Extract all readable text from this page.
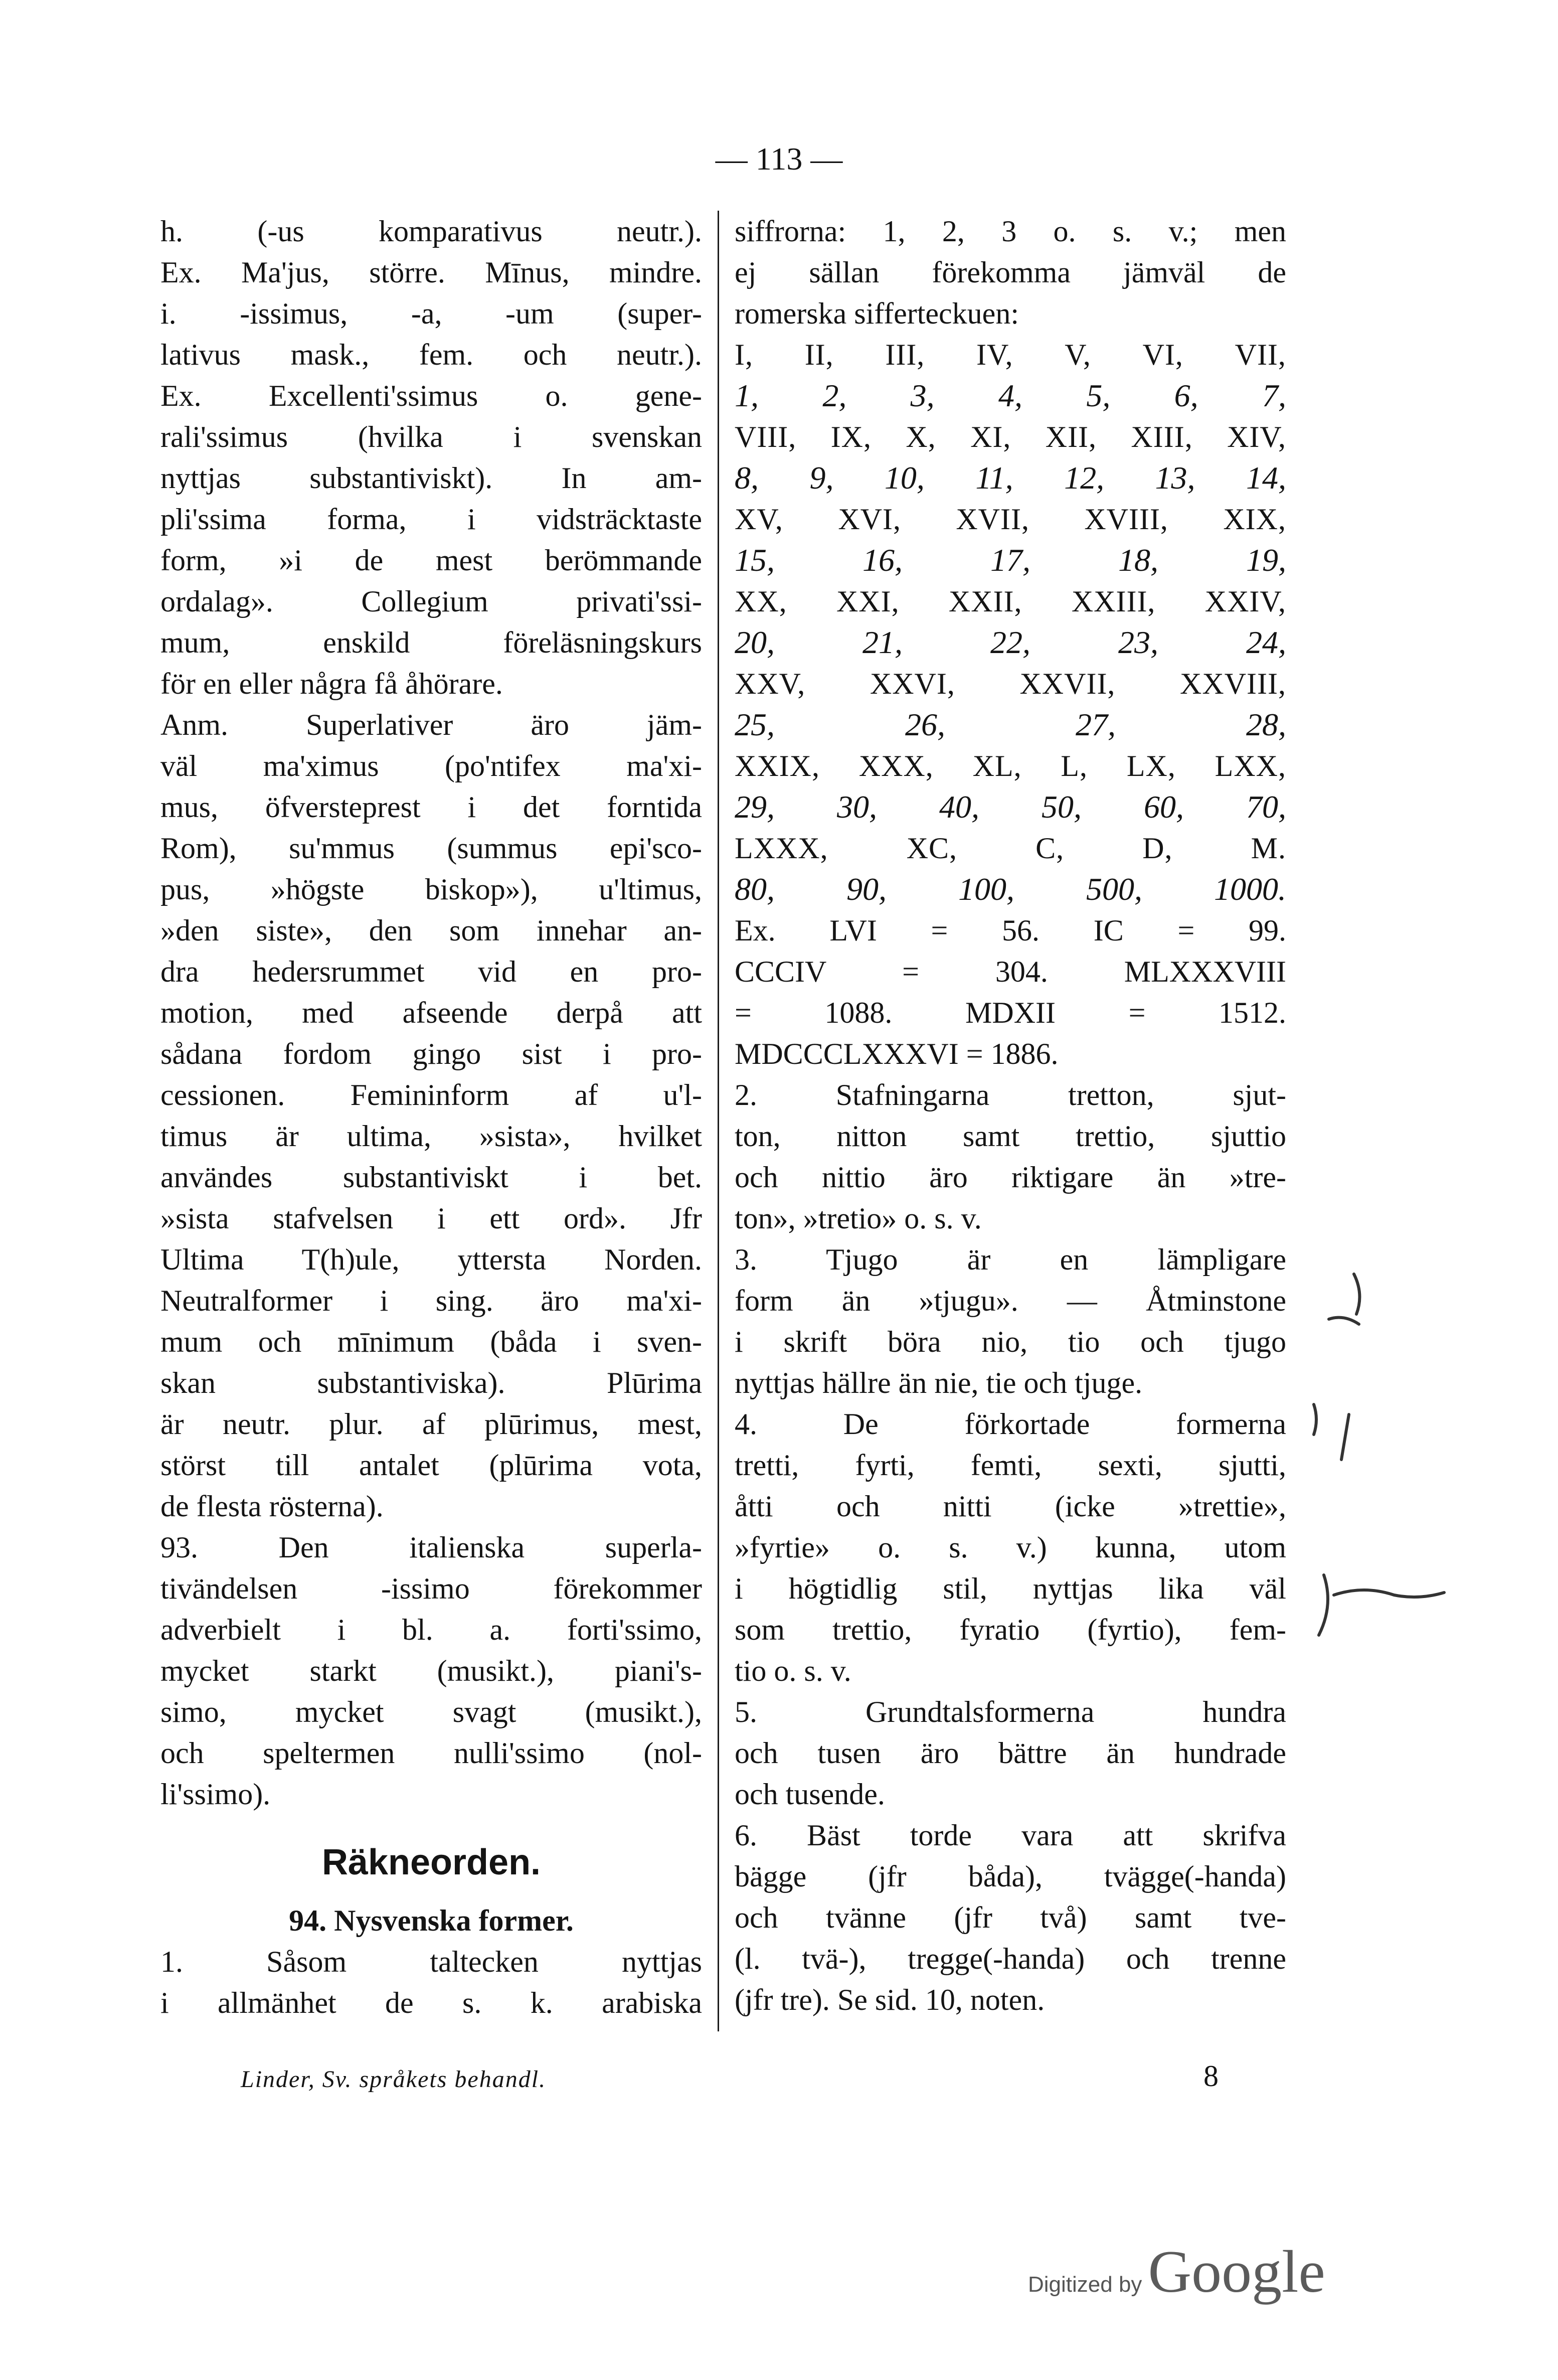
— 113 —
h. (-us komparativus neutr.).
Ex. Ma'jus, större. Mīnus, mindre.
i. -issimus, -a, -um (super-
lativus mask., fem. och neutr.).
Ex. Excellenti'ssimus o. gene-
rali'ssimus (hvilka i svenskan
nyttjas substantiviskt). In am-
pli'ssima forma, i vidsträcktaste
form, »i de mest berömmande
ordalag». Collegium privati'ssi-
mum, enskild föreläsningskurs
för en eller några få åhörare.
Anm. Superlativer äro jäm-
väl ma'ximus (po'ntifex ma'xi-
mus, öfversteprest i det forntida
Rom), su'mmus (summus epi'sco-
pus, »högste biskop»), u'ltimus,
»den siste», den som innehar an-
dra hedersrummet vid en pro-
motion, med afseende derpå att
sådana fordom gingo sist i pro-
cessionen. Femininform af u'l-
timus är ultima, »sista», hvilket
användes substantiviskt i bet.
»sista stafvelsen i ett ord». Jfr
Ultima T(h)ule, yttersta Norden.
Neutralformer i sing. äro ma'xi-
mum och mīnimum (båda i sven-
skan substantiviska). Plūrima
är neutr. plur. af plūrimus, mest,
störst till antalet (plūrima vota,
de flesta rösterna).
93. Den italienska superla-
tivändelsen -issimo förekommer
adverbielt i bl. a. forti'ssimo,
mycket starkt (musikt.), piani's-
simo, mycket svagt (musikt.),
och speltermen nulli'ssimo (nol-
li'ssimo).
Räkneorden.
94. Nysvenska former.
1. Såsom taltecken nyttjas
i allmänhet de s. k. arabiska
siffrorna: 1, 2, 3 o. s. v.; men
ej sällan förekomma jämväl de
romerska sifferteckuen:
I, II, III, IV, V, VI, VII,
1, 2, 3, 4, 5, 6, 7,
VIII, IX, X, XI, XII, XIII, XIV,
8, 9, 10, 11, 12, 13, 14,
XV, XVI, XVII, XVIII, XIX,
15,	16,	17,	18,	19,
XX, XXI, XXII, XXIII, XXIV,
20,	21,	22,	23,	24,
XXV, XXVI, XXVII, XXVIII,
25,	26,	27,	28,
XXIX, XXX, XL, L, LX, LXX,
29, 30, 40, 50, 60, 70,
LXXX,	XC,	C,	D,	M.
80, 90, 100, 500, 1000.
Ex. LVI = 56. IC = 99.
CCCIV = 304. MLXXXVIII
= 1088. MDXII = 1512.
MDCCCLXXXVI = 1886.
2. Stafningarna tretton, sjut-
ton, nitton samt trettio, sjuttio
och nittio äro riktigare än »tre-
ton», »tretio» o. s. v.
3. Tjugo är en lämpligare
form än »tjugu». — Åtminstone
i skrift böra nio, tio och tjugo
nyttjas hällre än nie, tie och tjuge.
4. De förkortade formerna
tretti, fyrti, femti, sexti, sjutti,
åtti och nitti (icke »trettie»,
»fyrtie» o. s. v.) kunna, utom
i högtidlig stil, nyttjas lika väl
som trettio, fyratio (fyrtio), fem-
tio o. s. v.
5. Grundtalsformerna hundra
och tusen äro bättre än hundrade
och tusende.
6. Bäst torde vara att skrifva
bägge (jfr båda), tvägge(-handa)
och tvänne (jfr två) samt tve-
(l. tvä-), tregge(-handa) och trenne
(jfr tre). Se sid. 10, noten.
Linder, Sv. språkets behandl.	8
Digitized by Google
